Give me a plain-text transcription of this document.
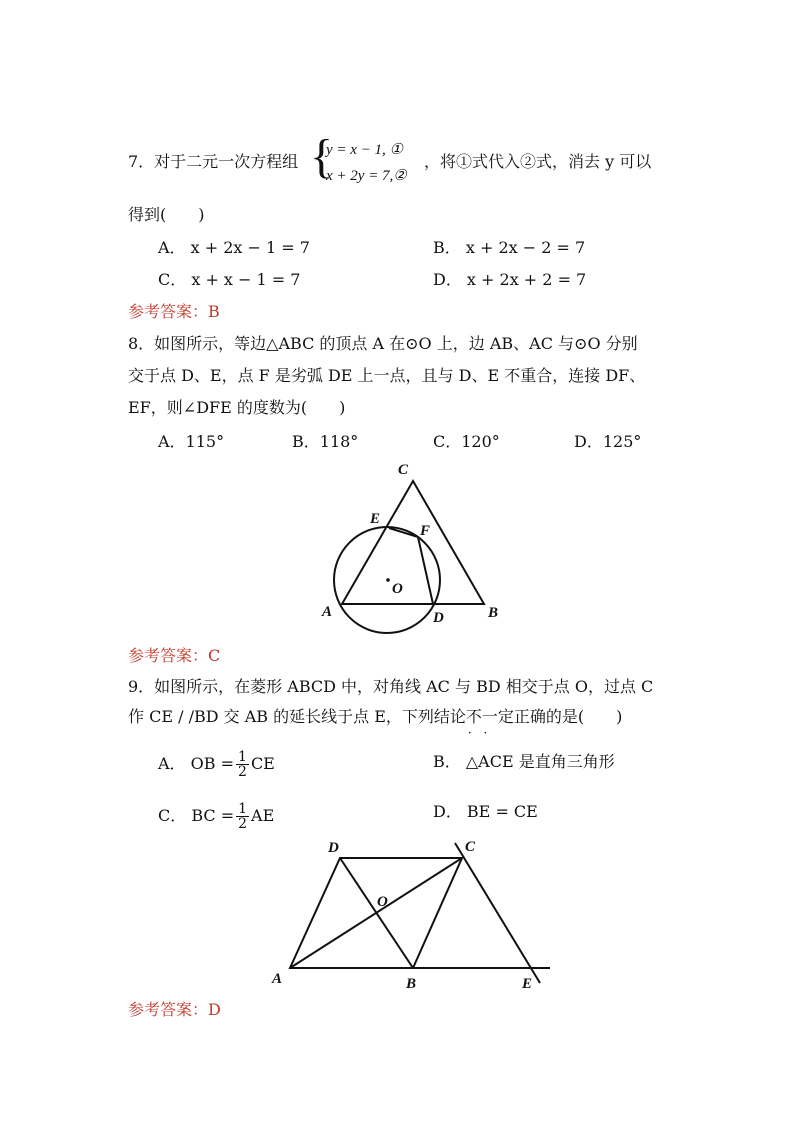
7．对于二元一次方程组 {
y = x − 1, ①
x + 2y = 7,②
，将①式代入②式，消去 y 可以
得到(　　)
A． x + 2x − 1 = 7	B． x + 2x − 2 = 7
C． x + x − 1 = 7	D． x + 2x + 2 = 7
参考答案：B
8．如图所示，等边△ABC 的顶点 A 在⊙O 上，边 AB、AC 与⊙O 分别
交于点 D、E，点 F 是劣弧 DE 上一点，且与 D、E 不重合，连接 DF、
EF，则∠DFE 的度数为(　　)
A．115°	B．118°	C．120°	D．125°
C
E
F
O
A	D	B
参考答案：C
9．如图所示，在菱形 ABCD 中，对角线 AC 与 BD 相交于点 O，过点 C
作 CE / /BD 交 AB 的延长线于点 E，下列结论不一定 · ·正确的是(　　)
A． OB = $\frac{1}{2}$ CE	B． △ACE 是直角三角形
C． BC = $\frac{1}{2}$ AE	D． BE = CE
D	C
O
A	B	E
参考答案：D
